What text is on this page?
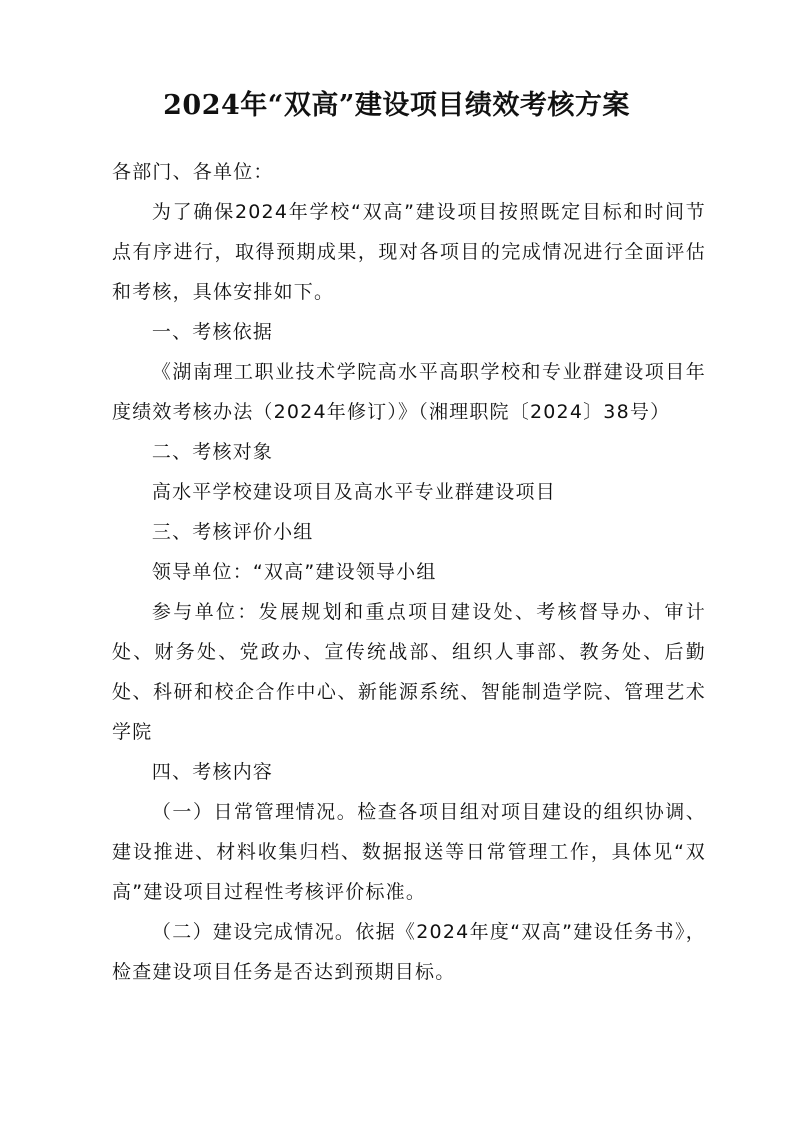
2024年“双高”建设项目绩效考核方案

各部门、各单位：

为了确保2024年学校“双高”建设项目按照既定目标和时间节点有序进行，取得预期成果，现对各项目的完成情况进行全面评估和考核，具体安排如下。

一、考核依据

《湖南理工职业技术学院高水平高职学校和专业群建设项目年度绩效考核办法（2024年修订）》（湘理职院〔2024〕38号）

二、考核对象

高水平学校建设项目及高水平专业群建设项目

三、考核评价小组

领导单位：“双高”建设领导小组

参与单位：发展规划和重点项目建设处、考核督导办、审计处、财务处、党政办、宣传统战部、组织人事部、教务处、后勤处、科研和校企合作中心、新能源系统、智能制造学院、管理艺术学院

四、考核内容

（一）日常管理情况。检查各项目组对项目建设的组织协调、建设推进、材料收集归档、数据报送等日常管理工作，具体见“双高”建设项目过程性考核评价标准。

（二）建设完成情况。依据《2024年度“双高”建设任务书》，检查建设项目任务是否达到预期目标。
